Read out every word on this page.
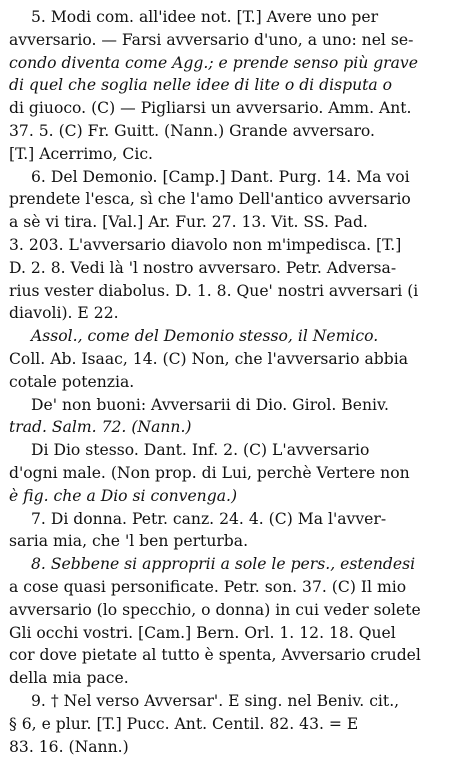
5. Modi com. all'idee not. [T.] Avere uno per
avversario. — Farsi avversario d'uno, a uno: nel se-
condo diventa come Agg.; e prende senso più grave
di quel che soglia nelle idee di lite o di disputa o
di giuoco. (C) — Pigliarsi un avversario. Amm. Ant.
37. 5. (C) Fr. Guitt. (Nann.) Grande avversaro.
[T.] Acerrimo, Cic.
6. Del Demonio. [Camp.] Dant. Purg. 14. Ma voi
prendete l'esca, sì che l'amo Dell'antico avversario
a sè vi tira. [Val.] Ar. Fur. 27. 13. Vit. SS. Pad.
3. 203. L'avversario diavolo non m'impedisca. [T.]
D. 2. 8. Vedi là 'l nostro avversaro. Petr. Adversa-
rius vester diabolus. D. 1. 8. Que' nostri avversari (i
diavoli). E 22.
Assol., come del Demonio stesso, il Nemico.
Coll. Ab. Isaac, 14. (C) Non, che l'avversario abbia
cotale potenzia.
De' non buoni: Avversarii di Dio. Girol. Beniv.
trad. Salm. 72. (Nann.)
Di Dio stesso. Dant. Inf. 2. (C) L'avversario
d'ogni male. (Non prop. di Lui, perchè Vertere non
è fig. che a Dio si convenga.)
7. Di donna. Petr. canz. 24. 4. (C) Ma l'avver-
saria mia, che 'l ben perturba.
8. Sebbene si approprii a sole le pers., estendesi
a cose quasi personificate. Petr. son. 37. (C) Il mio
avversario (lo specchio, o donna) in cui veder solete
Gli occhi vostri. [Cam.] Bern. Orl. 1. 12. 18. Quel
cor dove pietate al tutto è spenta, Avversario crudel
della mia pace.
9. † Nel verso Avversar'. E sing. nel Beniv. cit.,
§ 6, e plur. [T.] Pucc. Ant. Centil. 82. 43. = E
83. 16. (Nann.)
